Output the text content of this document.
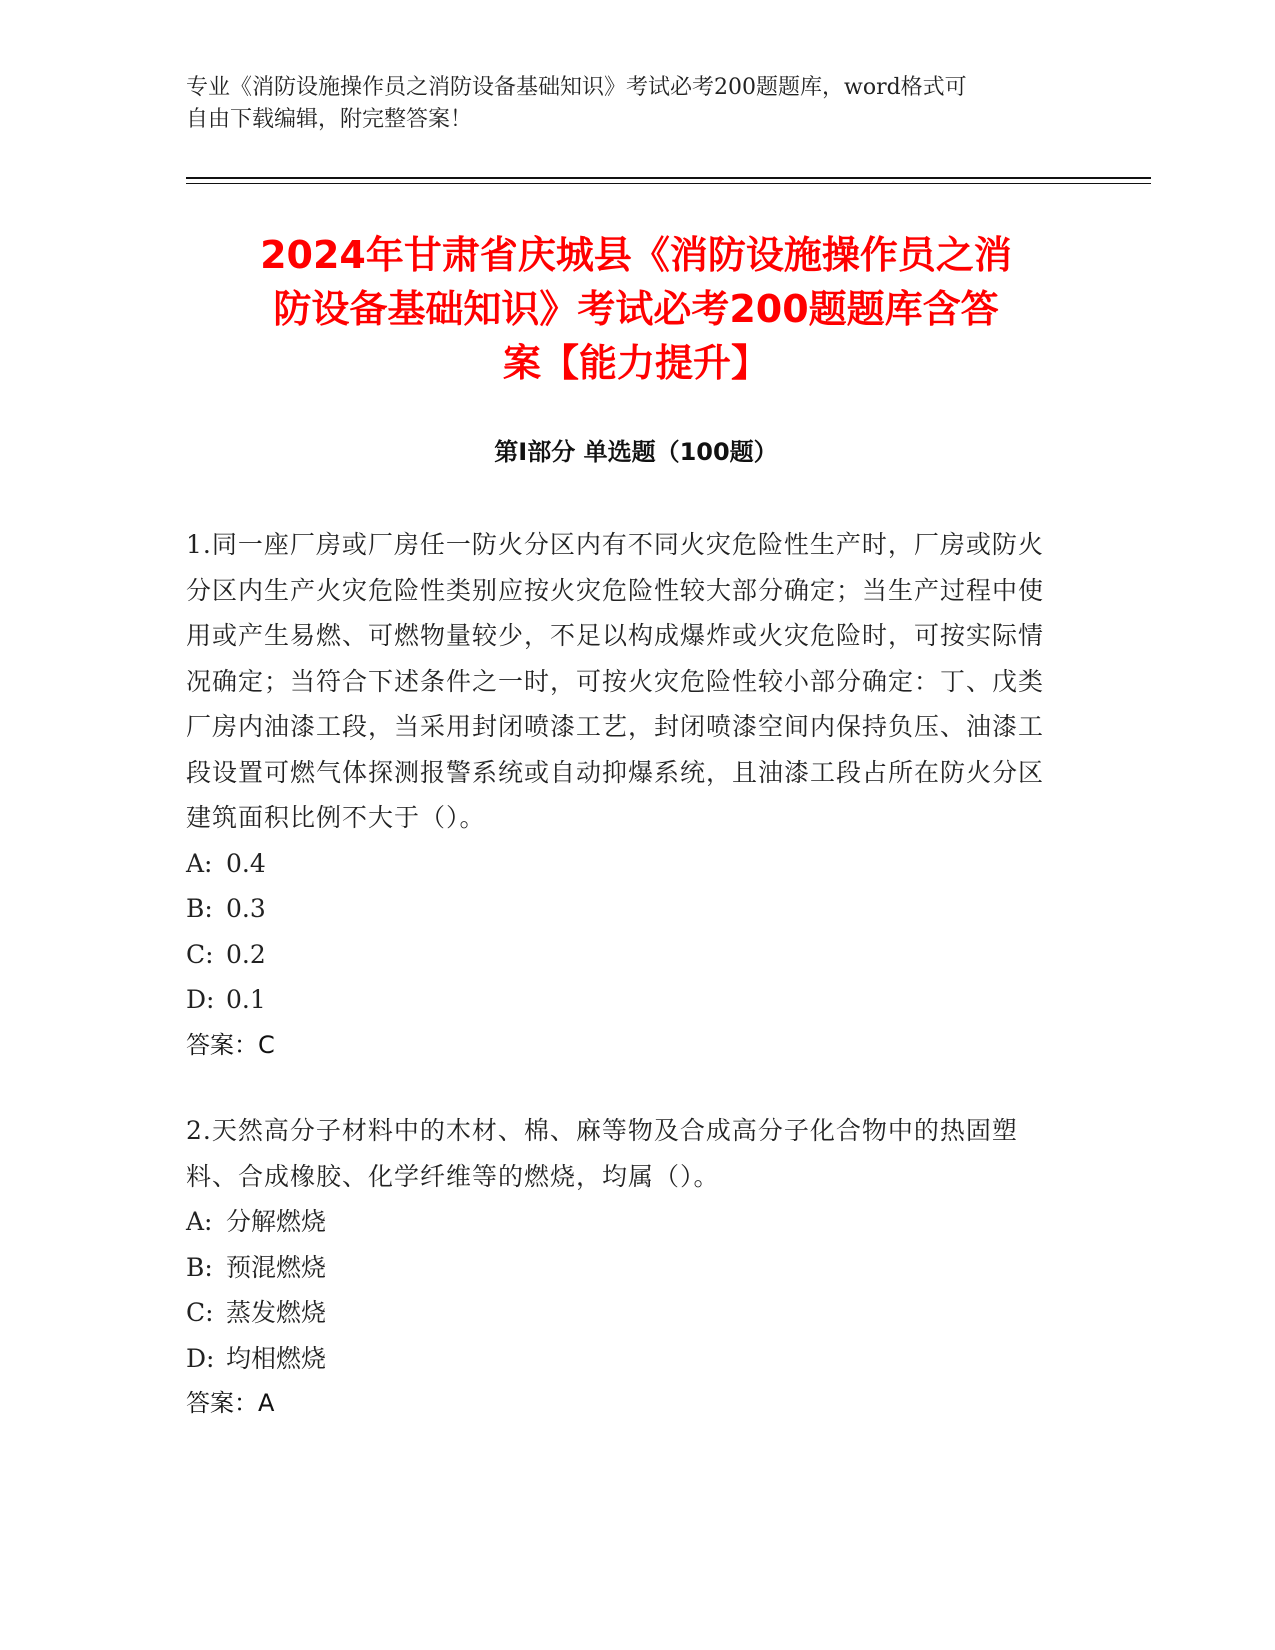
专业《消防设施操作员之消防设备基础知识》考试必考200题题库，word格式可
自由下载编辑，附完整答案！
2024年甘肃省庆城县《消防设施操作员之消
防设备基础知识》考试必考200题题库含答
案【能力提升】
第I部分 单选题（100题）

1.同一座厂房或厂房任一防火分区内有不同火灾危险性生产时，厂房或防火分区内生产火灾危险性类别应按火灾危险性较大部分确定；当生产过程中使用或产生易燃、可燃物量较少，不足以构成爆炸或火灾危险时，可按实际情况确定；当符合下述条件之一时，可按火灾危险性较小部分确定：丁、戊类厂房内油漆工段，当采用封闭喷漆工艺，封闭喷漆空间内保持负压、油漆工段设置可燃气体探测报警系统或自动抑爆系统，且油漆工段占所在防火分区建筑面积比例不大于（）。

A: 0.4

B: 0.3

C: 0.2

D: 0.1

答案：C

2.天然高分子材料中的木材、棉、麻等物及合成高分子化合物中的热固塑料、合成橡胶、化学纤维等的燃烧，均属（）。

A: 分解燃烧

B: 预混燃烧

C: 蒸发燃烧

D: 均相燃烧

答案：A
